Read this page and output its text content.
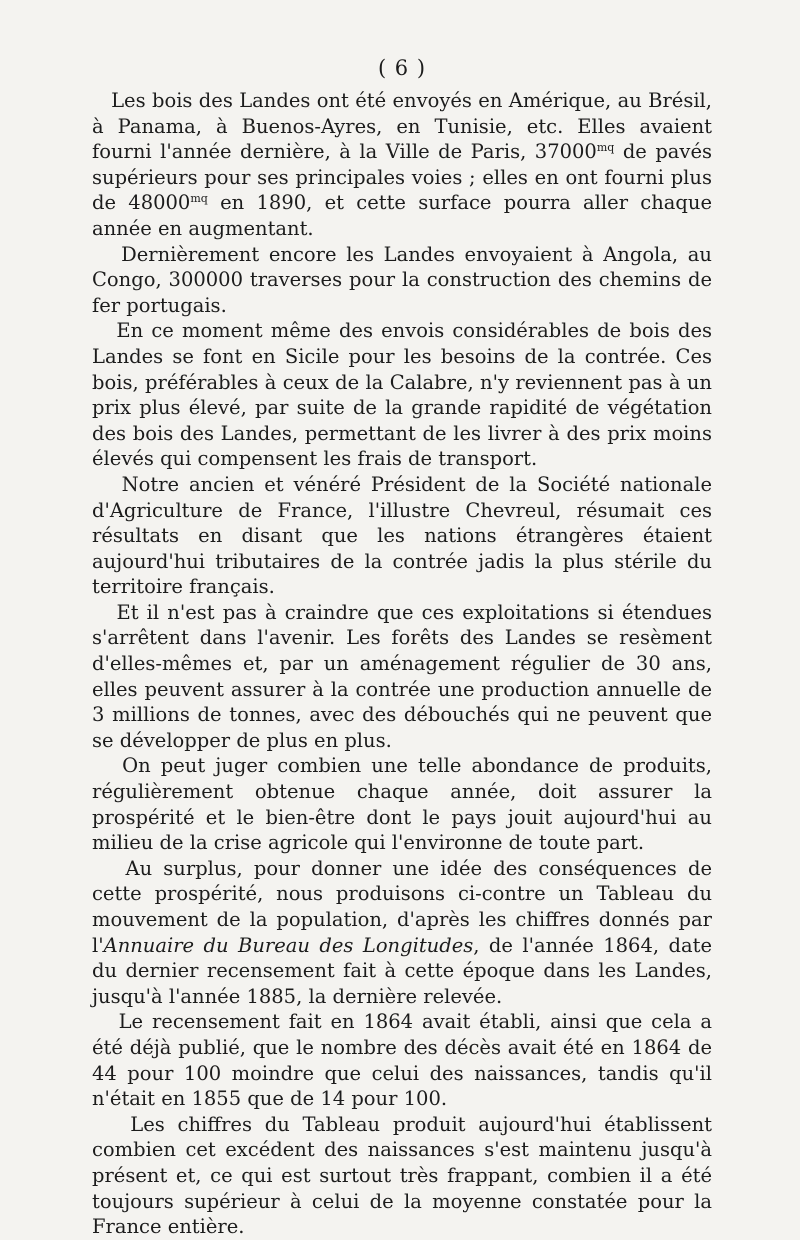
( 6 )

Les bois des Landes ont été envoyés en Amérique, au Brésil, à Panama, à Buenos-Ayres, en Tunisie, etc. Elles avaient fourni l'année dernière, à la Ville de Paris, $37000^{mq}$ de pavés supérieurs pour ses principales voies ; elles en ont fourni plus de $48000^{mq}$ en 1890, et cette surface pourra aller chaque année en augmentant.

Dernièrement encore les Landes envoyaient à Angola, au Congo, 300000 traverses pour la construction des chemins de fer portugais.

En ce moment même des envois considérables de bois des Landes se font en Sicile pour les besoins de la contrée. Ces bois, préférables à ceux de la Calabre, n'y reviennent pas à un prix plus élevé, par suite de la grande rapidité de végétation des bois des Landes, permettant de les livrer à des prix moins élevés qui compensent les frais de transport.

Notre ancien et vénéré Président de la Société nationale d'Agriculture de France, l'illustre Chevreul, résumait ces résultats en disant que les nations étrangères étaient aujourd'hui tributaires de la contrée jadis la plus stérile du territoire français.

Et il n'est pas à craindre que ces exploitations si étendues s'arrêtent dans l'avenir. Les forêts des Landes se resèment d'elles-mêmes et, par un aménagement régulier de 30 ans, elles peuvent assurer à la contrée une production annuelle de 3 millions de tonnes, avec des débouchés qui ne peuvent que se développer de plus en plus.

On peut juger combien une telle abondance de produits, régulièrement obtenue chaque année, doit assurer la prospérité et le bien-être dont le pays jouit aujourd'hui au milieu de la crise agricole qui l'environne de toute part.

Au surplus, pour donner une idée des conséquences de cette prospérité, nous produisons ci-contre un Tableau du mouvement de la population, d'après les chiffres donnés par l'Annuaire du Bureau des Longitudes, de l'année 1864, date du dernier recensement fait à cette époque dans les Landes, jusqu'à l'année 1885, la dernière relevée.

Le recensement fait en 1864 avait établi, ainsi que cela a été déjà publié, que le nombre des décès avait été en 1864 de 44 pour 100 moindre que celui des naissances, tandis qu'il n'était en 1855 que de 14 pour 100.

Les chiffres du Tableau produit aujourd'hui établissent combien cet excédent des naissances s'est maintenu jusqu'à présent et, ce qui est surtout très frappant, combien il a été toujours supérieur à celui de la moyenne constatée pour la France entière.
